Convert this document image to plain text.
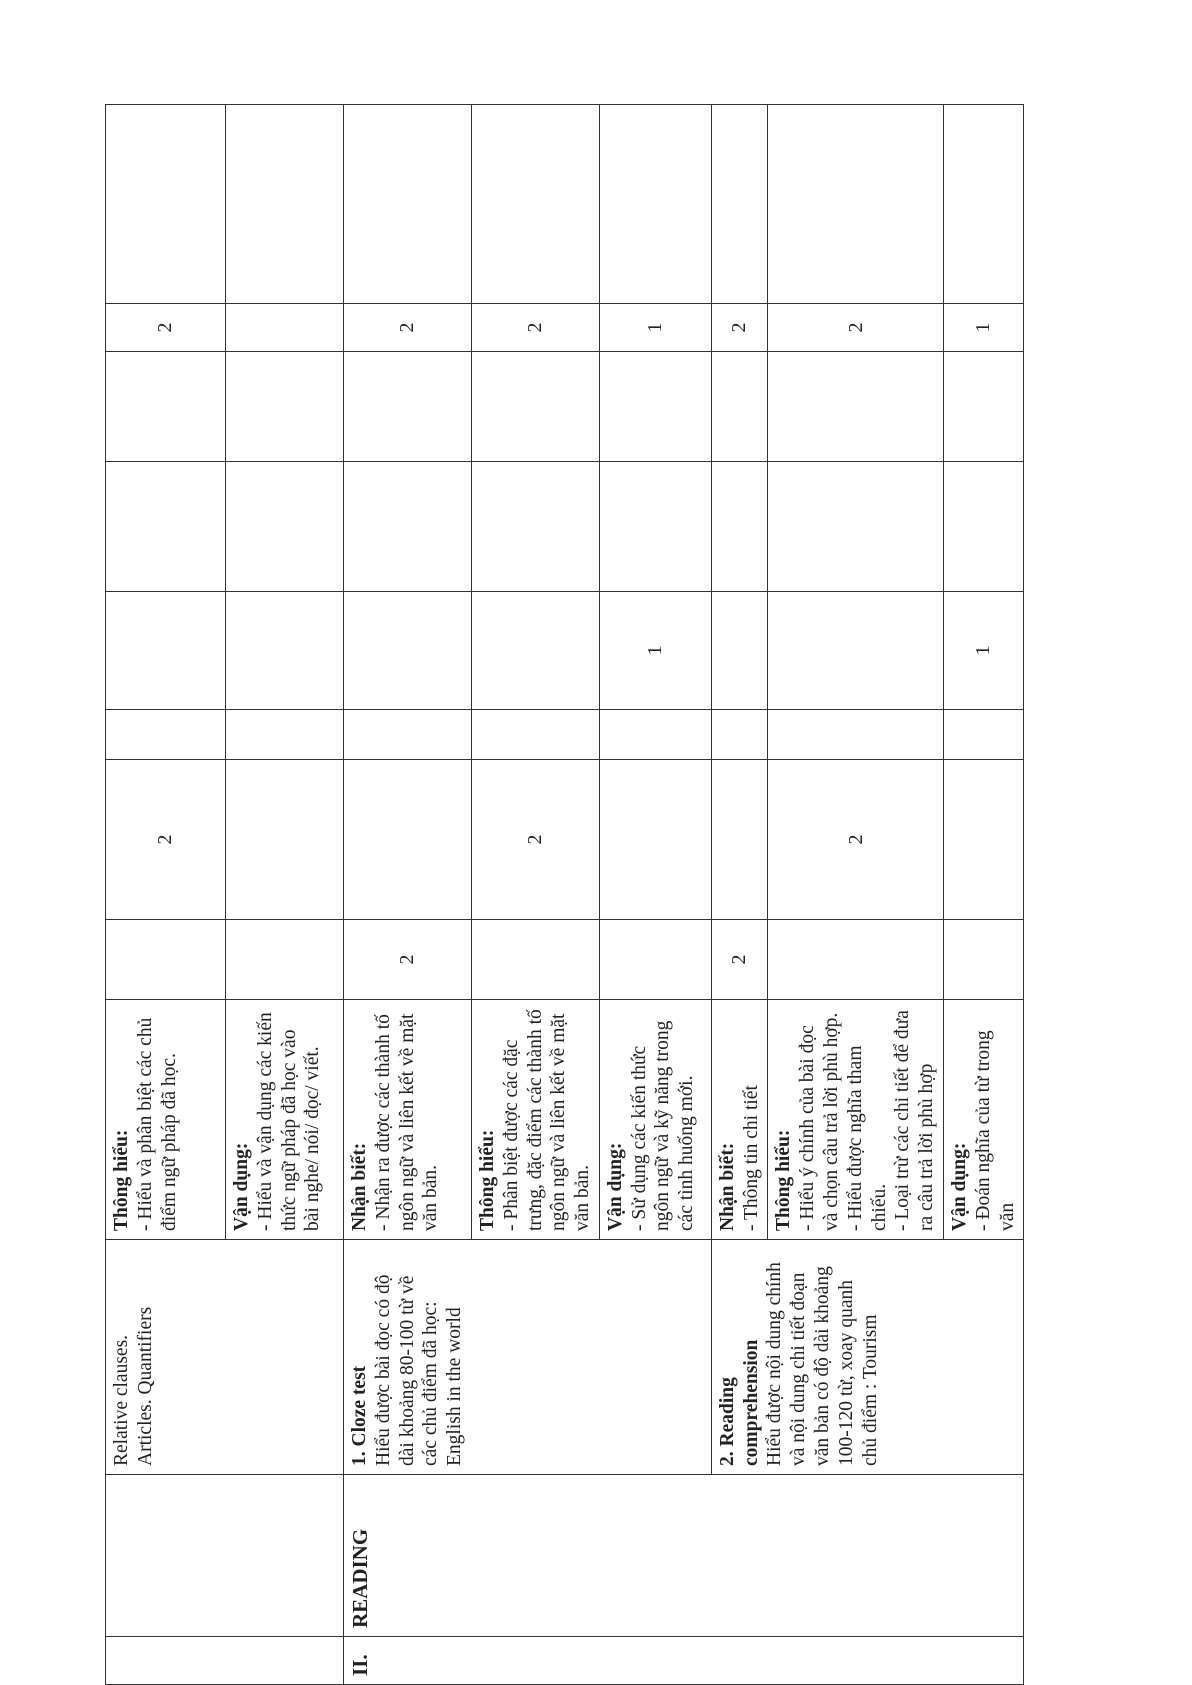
		Relative clauses. Articles. Quantifiers	Thông hiểu: - Hiểu và phân biệt các chủ điểm ngữ pháp đã học.		2					2	

			Vận dụng: - Hiểu và vận dụng các kiến thức ngữ pháp đã học vào bài nghe/ nói/ đọc/ viết.								

II.	READING	1. Cloze test Hiểu được bài đọc có độ dài khoảng 80-100 từ về các chủ điểm đã học: English in the world	Nhận biết: - Nhận ra được các thành tố ngôn ngữ và liên kết về mặt văn bản.	2						2	

			Thông hiểu: - Phân biệt được các đặc trưng, đặc điểm các thành tố ngôn ngữ và liên kết về mặt văn bản.		2					2	

			Vận dụng: - Sử dụng các kiến thức ngôn ngữ và kỹ năng trong các tình huống mới.				1			1	

		2. Reading comprehension Hiểu được nội dung chính và nội dung chi tiết đoạn văn bản có độ dài khoảng 100-120 từ, xoay quanh chủ điểm : Tourism	Nhận biết: - Thông tin chi tiết	2						2	

			Thông hiểu: - Hiểu ý chính của bài đọc và chọn câu trả lời phù hợp. - Hiểu được nghĩa tham chiếu. - Loại trừ các chi tiết để đưa ra câu trả lời phù hợp		2					2	

			Vận dụng: - Đoán nghĩa của từ trong văn				1			1	
